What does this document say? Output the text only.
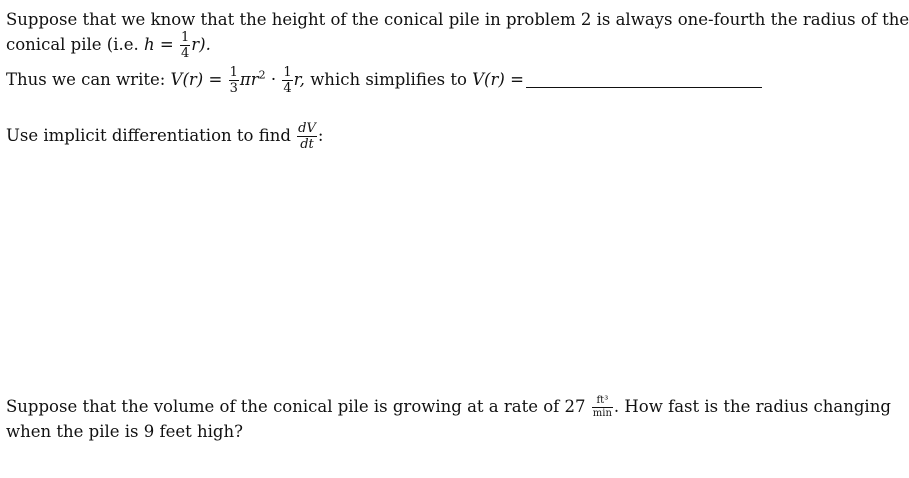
Suppose that we know that the height of the conical pile in problem 2 is always one-fourth the radius of the
conical pile (i.e. $h = \frac{1}{4} r$).
Thus we can write: $V(r) = \frac{1}{3} \pi r^2 \cdot \frac{1}{4} r$, which simplifies to V(r) =
Use implicit differentiation to find $\frac{dV}{dt}$ :
Suppose that the volume of the conical pile is growing at a rate of $27 \frac{\text{ft³}}{\min}$ . How fast is the radius changing
when the pile is 9 feet high?
